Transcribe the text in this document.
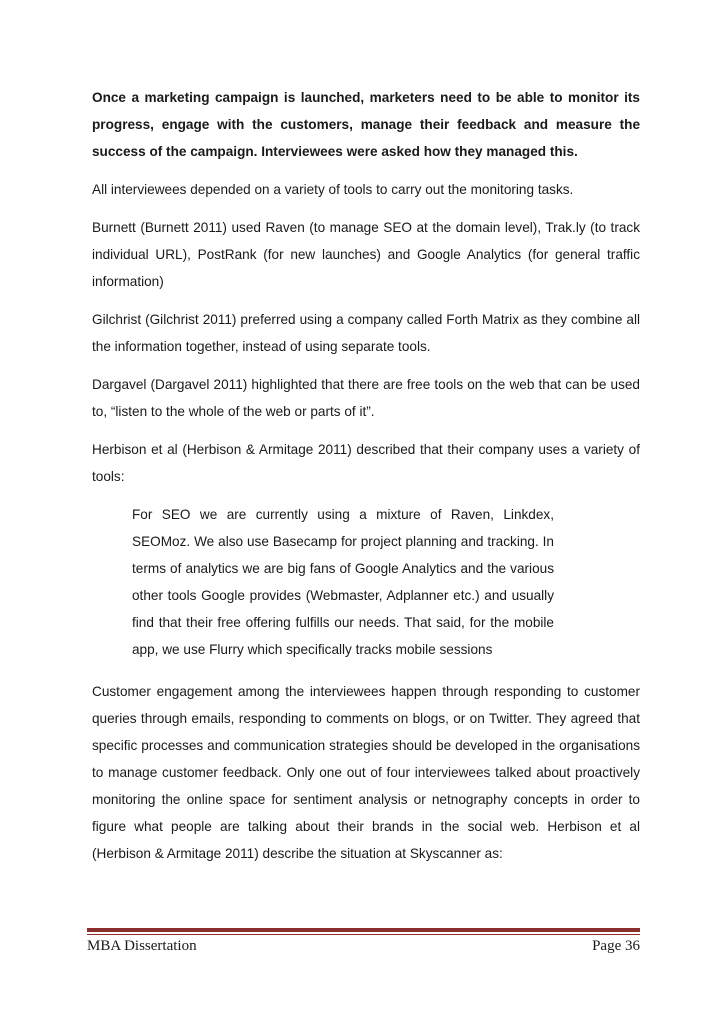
Once a marketing campaign is launched, marketers need to be able to monitor its progress, engage with the customers, manage their feedback and measure the success of the campaign. Interviewees were asked how they managed this.

All interviewees depended on a variety of tools to carry out the monitoring tasks.

Burnett (Burnett 2011) used Raven (to manage SEO at the domain level), Trak.ly (to track individual URL), PostRank (for new launches) and Google Analytics (for general traffic information)

Gilchrist (Gilchrist 2011) preferred using a company called Forth Matrix as they combine all the information together, instead of using separate tools.

Dargavel (Dargavel 2011) highlighted that there are free tools on the web that can be used to, “listen to the whole of the web or parts of it”.

Herbison et al (Herbison & Armitage 2011) described that their company uses a variety of tools:

For SEO we are currently using a mixture of Raven, Linkdex, SEOMoz. We also use Basecamp for project planning and tracking. In terms of analytics we are big fans of Google Analytics and the various other tools Google provides (Webmaster, Adplanner etc.) and usually find that their free offering fulfills our needs. That said, for the mobile app, we use Flurry which specifically tracks mobile sessions

Customer engagement among the interviewees happen through responding to customer queries through emails, responding to comments on blogs, or on Twitter. They agreed that specific processes and communication strategies should be developed in the organisations to manage customer feedback. Only one out of four interviewees talked about proactively monitoring the online space for sentiment analysis or netnography concepts in order to figure what people are talking about their brands in the social web. Herbison et al (Herbison & Armitage 2011) describe the situation at Skyscanner as:

MBA Dissertation	Page 36
